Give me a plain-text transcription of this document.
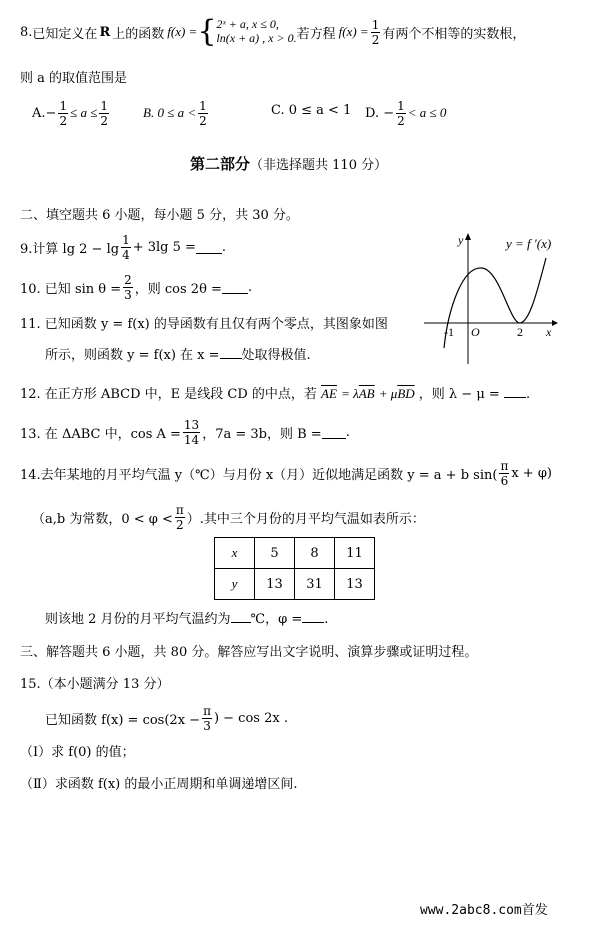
8 . 已知定义在 R 上的函数 f(x) = { 2ˣ + a, x ≤ 0,
ln(x + a) , x > 0. 若方程 $f(x) = \frac{1}{2}$ 有两个不相等的实数根，
则 a 的取值范围是
A. − $\frac{1}{2} \le a \le \frac{1}{2}$	B. $0 \le a < \frac{1}{2}$	C. 0 ≤ a < 1 D. − $\frac{1}{2} < a \le 0$
第二部分（非选择题共 110 分）
二、填空题共 6 小题，每小题 5 分，共 30 分。
9.计算 $\lg 2 - \lg \frac{1}{4} + 3\lg$ 5 = .
10. 已知 $\sin \theta = \frac{2}{3}$ ，则 cos 2θ = .
11. 已知函数 y = f(x) 的导函数有且仅有两个零点，其图象如图
所示，则函数 y = f(x) 在 x = 处取得极值.
y
x
O
-1	2
y = f ′(x)
12. 在正方形 ABCD 中，E 是线段 CD 的中点，若 $\overline{AE} = \lambda\overline{AB} + \mu\overline{BD}$ ，则 λ − μ = .
13. 在 ΔABC 中，$\cos A = \frac{13}{14}$ ，7a = 3b，则 B = .
14.去年某地的月平均气温 y（℃）与月份 x（月）近似地满足函数 y = a + b $\sin( \frac{\pi}{6}$ x + φ)
（a,b 为常数，$0 < \varphi < \frac{\pi}{2}$ ）.其中三个月份的月平均气温如表所示：
x	5	8	11
y	13	31	13
则该地 2 月份的月平均气温约为 ℃，φ = .
三、解答题共 6 小题，共 80 分。解答应写出文字说明、演算步骤或证明过程。
15.（本小题满分 13 分）
已知函数 $f(x) = \cos(2x - \frac{\pi}{3}$ ) − cos 2x .
（Ⅰ）求 f(0) 的值；
（Ⅱ）求函数 f(x) 的最小正周期和单调递增区间.
www.2abc8.com首发
